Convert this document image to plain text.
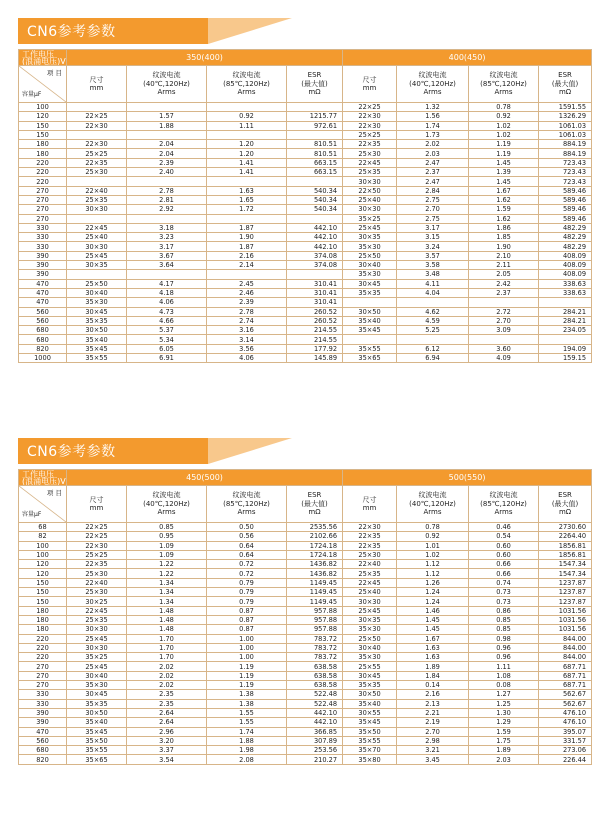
CN6参考参数
工作电压
(浪涌电压)V	350(400)				400(450)			

项 目
容量μF	尺寸
mm	纹波电流
(40℃,120Hz)
Arms	纹波电流
(85℃,120Hz)
Arms	ESR
(最大值)
mΩ	尺寸
mm	纹波电流
(40℃,120Hz)
Arms	纹波电流
(85℃,120Hz)
Arms	ESR
(最大值)
mΩ
100					22×25	1.32	0.78	1591.55
120	22×25	1.57	0.92	1215.77	22×30	1.56	0.92	1326.29
150	22×30	1.88	1.11	972.61	22×30	1.74	1.02	1061.03
150					25×25	1.73	1.02	1061.03
180	22×30	2.04	1.20	810.51	22×35	2.02	1.19	884.19
180	25×25	2.04	1.20	810.51	25×30	2.03	1.19	884.19
220	22×35	2.39	1.41	663.15	22×45	2.47	1.45	723.43
220	25×30	2.40	1.41	663.15	25×35	2.37	1.39	723.43
220					30×30	2.47	1.45	723.43
270	22×40	2.78	1.63	540.34	22×50	2.84	1.67	589.46
270	25×35	2.81	1.65	540.34	25×40	2.75	1.62	589.46
270	30×30	2.92	1.72	540.34	30×30	2.70	1.59	589.46
270					35×25	2.75	1.62	589.46
330	22×45	3.18	1.87	442.10	25×45	3.17	1.86	482.29
330	25×40	3.23	1.90	442.10	30×35	3.15	1.85	482.29
330	30×30	3.17	1.87	442.10	35×30	3.24	1.90	482.29
390	25×45	3.67	2.16	374.08	25×50	3.57	2.10	408.09
390	30×35	3.64	2.14	374.08	30×40	3.58	2.11	408.09
390					35×30	3.48	2.05	408.09
470	25×50	4.17	2.45	310.41	30×45	4.11	2.42	338.63
470	30×40	4.18	2.46	310.41	35×35	4.04	2.37	338.63
470	35×30	4.06	2.39	310.41				
560	30×45	4.73	2.78	260.52	30×50	4.62	2.72	284.21
560	35×35	4.66	2.74	260.52	35×40	4.59	2.70	284.21
680	30×50	5.37	3.16	214.55	35×45	5.25	3.09	234.05
680	35×40	5.34	3.14	214.55				
820	35×45	6.05	3.56	177.92	35×55	6.12	3.60	194.09
1000	35×55	6.91	4.06	145.89	35×65	6.94	4.09	159.15
CN6参考参数
工作电压
(浪涌电压)V	450(500)				500(550)			

项 目
容量μF	尺寸
mm	纹波电流
(40℃,120Hz)
Arms	纹波电流
(85℃,120Hz)
Arms	ESR
(最大值)
mΩ	尺寸
mm	纹波电流
(40℃,120Hz)
Arms	纹波电流
(85℃,120Hz)
Arms	ESR
(最大值)
mΩ
68	22×25	0.85	0.50	2535.56	22×30	0.78	0.46	2730.60
82	22×25	0.95	0.56	2102.66	22×35	0.92	0.54	2264.40
100	22×30	1.09	0.64	1724.18	22×35	1.01	0.60	1856.81
100	25×25	1.09	0.64	1724.18	25×30	1.02	0.60	1856.81
120	22×35	1.22	0.72	1436.82	22×40	1.12	0.66	1547.34
120	25×30	1.22	0.72	1436.82	25×35	1.12	0.66	1547.34
150	22×40	1.34	0.79	1149.45	22×45	1.26	0.74	1237.87
150	25×30	1.34	0.79	1149.45	25×40	1.24	0.73	1237.87
150	30×25	1.34	0.79	1149.45	30×30	1.24	0.73	1237.87
180	22×45	1.48	0.87	957.88	25×45	1.46	0.86	1031.56
180	25×35	1.48	0.87	957.88	30×35	1.45	0.85	1031.56
180	30×30	1.48	0.87	957.88	35×30	1.45	0.85	1031.56
220	25×45	1.70	1.00	783.72	25×50	1.67	0.98	844.00
220	30×30	1.70	1.00	783.72	30×40	1.63	0.96	844.00
220	35×25	1.70	1.00	783.72	35×30	1.63	0.96	844.00
270	25×45	2.02	1.19	638.58	25×55	1.89	1.11	687.71
270	30×40	2.02	1.19	638.58	30×45	1.84	1.08	687.71
270	35×30	2.02	1.19	638.58	35×35	0.14	0.08	687.71
330	30×45	2.35	1.38	522.48	30×50	2.16	1.27	562.67
330	35×35	2.35	1.38	522.48	35×40	2.13	1.25	562.67
390	30×50	2.64	1.55	442.10	30×55	2.21	1.30	476.10
390	35×40	2.64	1.55	442.10	35×45	2.19	1.29	476.10
470	35×45	2.96	1.74	366.85	35×50	2.70	1.59	395.07
560	35×50	3.20	1.88	307.89	35×55	2.98	1.75	331.57
680	35×55	3.37	1.98	253.56	35×70	3.21	1.89	273.06
820	35×65	3.54	2.08	210.27	35×80	3.45	2.03	226.44
